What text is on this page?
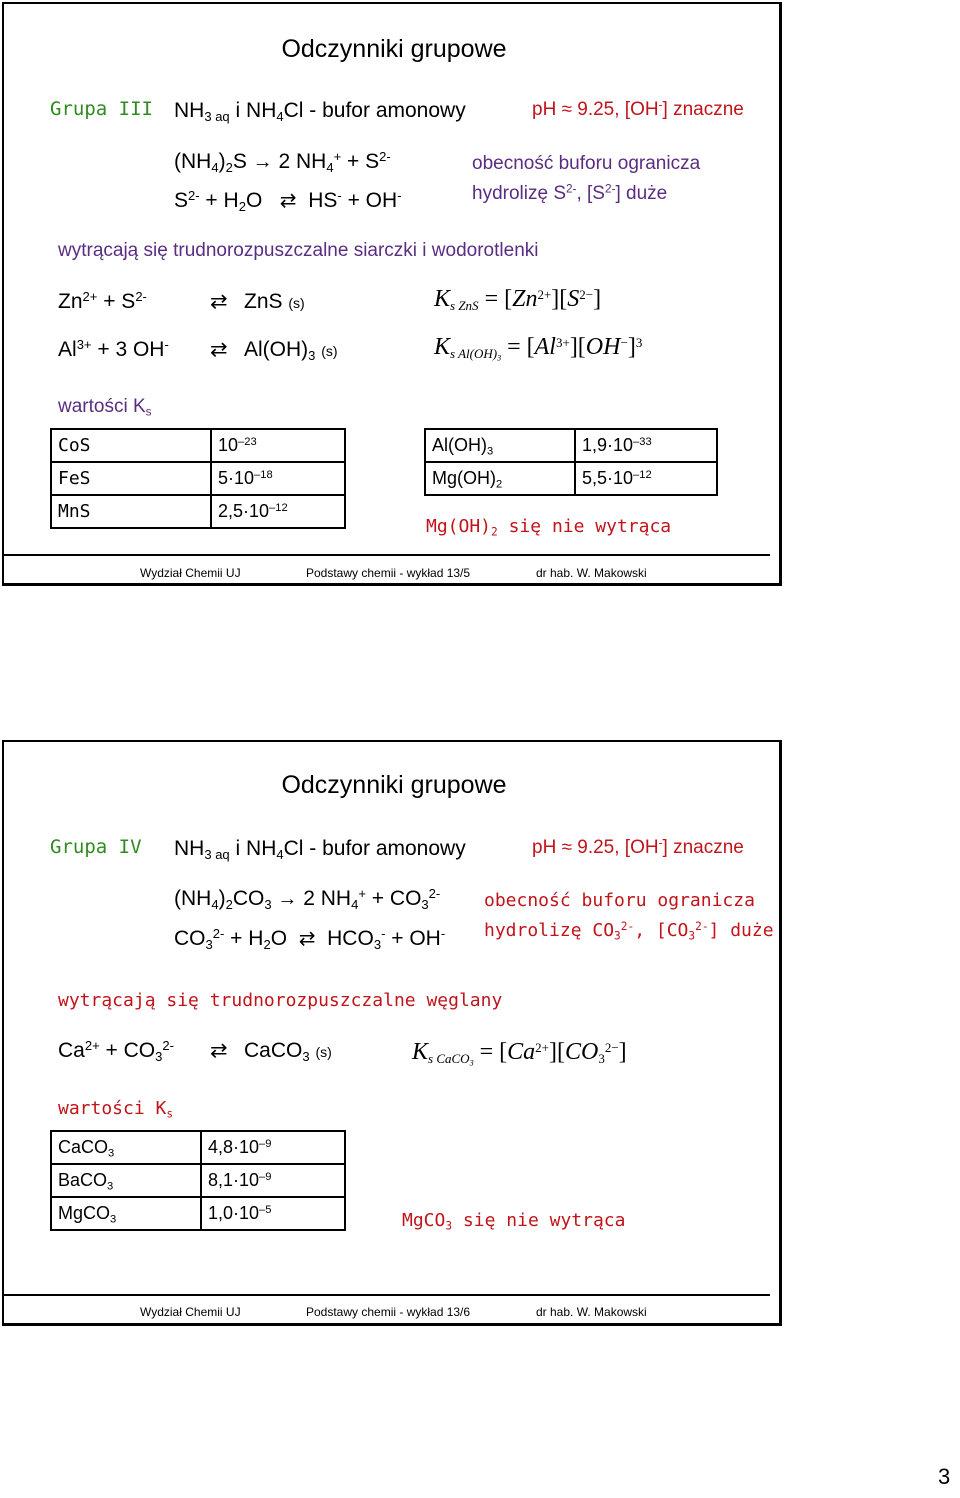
Odczynniki grupowe
Grupa III $NH_{3 aq}$ i $NH_4Cl$ - bufor amonowy	pH ≈ 9.25, [OH-] znaczne
$(NH_4)_2S \to 2$ $NH_4^+ + S^{2-}$
$S^{2-} + H_2O$   ⇄  HS- + OH-
obecność buforu ogranicza
hydrolizę $S^{2-}$, $[S^{2-}]$ duże
wytrącają się trudnorozpuszczalne siarczki i wodorotlenki
$Zn^{2+} + S^{2-}$	⇄ ZnS (s)	$K_{s ZnS} = [Zn^{2+}][S^{2-}]$
$Al^{3+} + 3$ OH- ⇄ $Al(OH)_3$ (s)	$K_{s Al(OH)_3} = [Al^{3+}][OH^-]^3$
wartości $K_s$
CoS	$10^{-23}$
FeS	$5\cdot 10^{-18}$
MnS	$2,5\cdot 10^{-12}$
$Al(OH)_3$	$1,9\cdot 10^{-33}$
$Mg(OH)_2$	$5,5\cdot 10^{-12}$
$Mg(OH)_2$ się nie wytrąca
Wydział Chemii UJ	Podstawy chemii - wykład 13/5	dr hab. W. Makowski
Odczynniki grupowe
Grupa IV $NH_{3 aq}$ i $NH_4Cl$ - bufor amonowy	pH ≈ 9.25, [OH-] znaczne
$(NH_4)_2CO_3 \to 2$ $NH_4^+ + CO_3^{2-}$
$CO_3^{2-} + H_2O$  ⇄  $HCO_3^- + OH^-$
obecność buforu ogranicza
hydrolizę $CO_3^{2-}$, $[CO_3^{2-}]$ duże
wytrącają się trudnorozpuszczalne węglany
$Ca^{2+} + CO_3^{2-}$ ⇄ CaCO$_3$ (s)	$K_{s CaCO_3} = [Ca^{2+}][CO_3^{2-}]$
wartości $K_s$
CaCO$_3$	$4,8\cdot 10^{-9}$
BaCO$_3$	$8,1\cdot 10^{-9}$
MgCO$_3$	$1,0\cdot 10^{-5}$
MgCO$_3$ się nie wytrąca
Wydział Chemii UJ	Podstawy chemii - wykład 13/6	dr hab. W. Makowski
3
